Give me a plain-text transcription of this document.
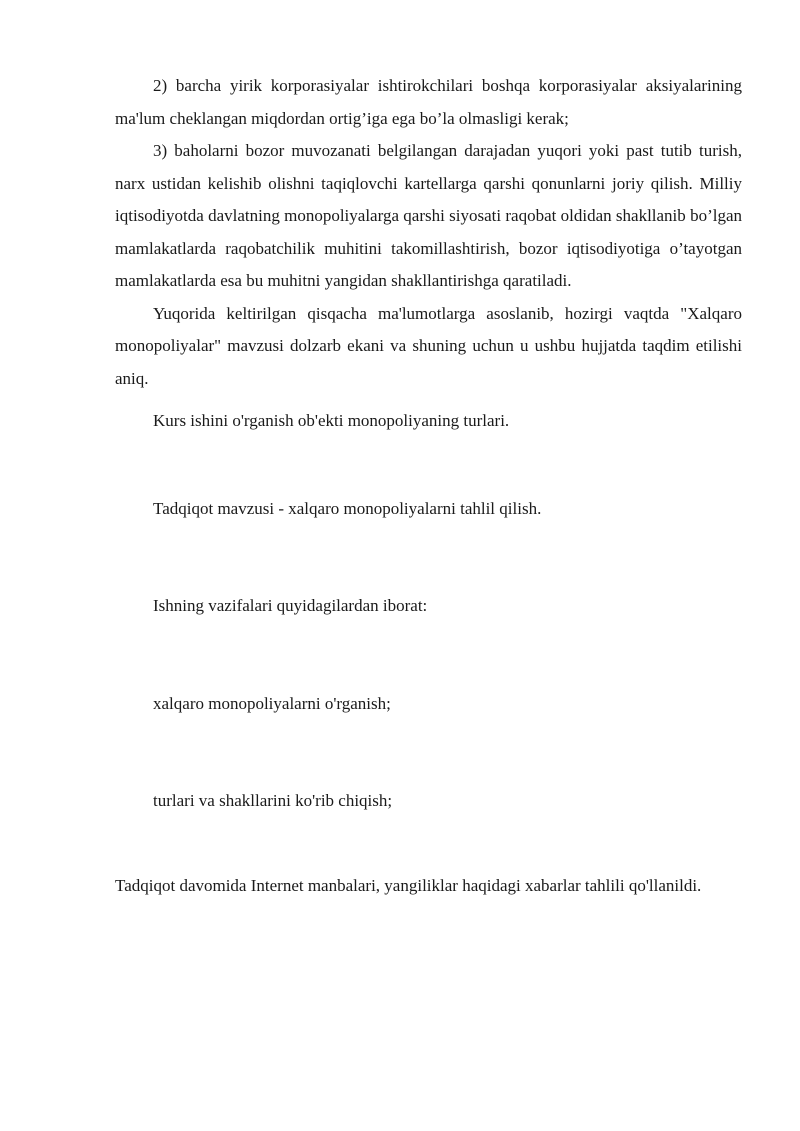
2) barcha yirik korporasiyalar ishtirokchilari boshqa korporasiyalar aksiyalarining ma'lum cheklangan miqdordan ortig’iga ega bo’la olmasligi kerak;

3) baholarni bozor muvozanati belgilangan darajadan yuqori yoki past tutib turish, narx ustidan kelishib olishni taqiqlovchi kartellarga qarshi qonunlarni joriy qilish. Milliy iqtisodiyotda davlatning monopoliyalarga qarshi siyosati raqobat oldidan shakllanib bo’lgan mamlakatlarda raqobatchilik muhitini takomillashtirish, bozor iqtisodiyotiga o’tayotgan mamlakatlarda esa bu muhitni yangidan shakllantirishga qaratiladi.

Yuqorida keltirilgan qisqacha ma'lumotlarga asoslanib, hozirgi vaqtda "Xalqaro monopoliyalar" mavzusi dolzarb ekani va shuning uchun u ushbu hujjatda taqdim etilishi aniq.

Kurs ishini o'rganish ob'ekti monopoliyaning turlari.

Tadqiqot mavzusi - xalqaro monopoliyalarni tahlil qilish.

Ishning vazifalari quyidagilardan iborat:

xalqaro monopoliyalarni o'rganish;

turlari va shakllarini ko'rib chiqish;

Tadqiqot davomida Internet manbalari, yangiliklar haqidagi xabarlar tahlili qo'llanildi.
